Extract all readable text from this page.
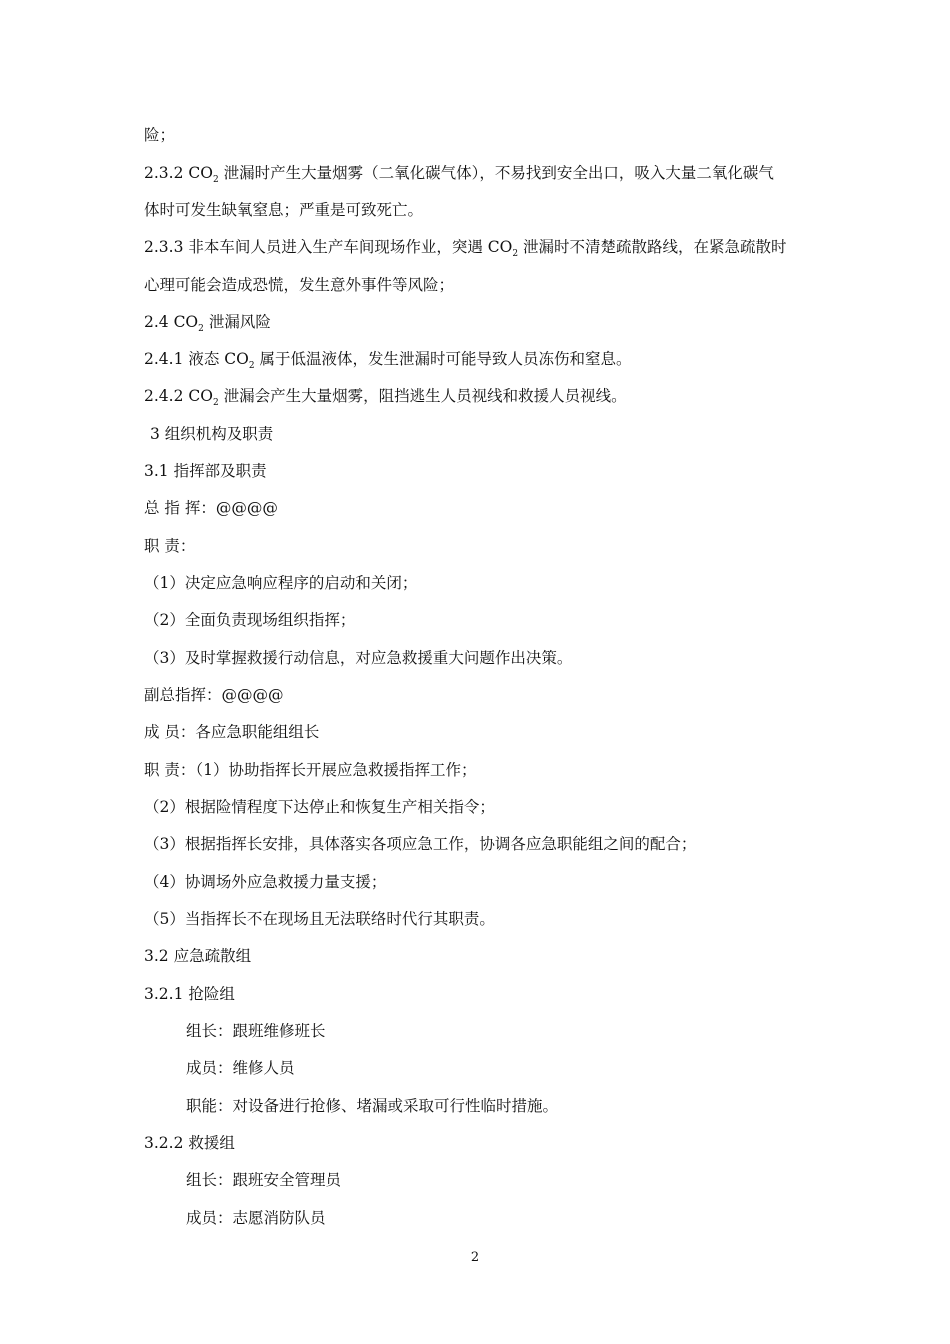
险；
2.3.2 $CO_2$ 泄漏时产生大量烟雾（二氧化碳气体），不易找到安全出口，吸入大量二氧化碳气
体时可发生缺氧窒息；严重是可致死亡。
2.3.3 非本车间人员进入生产车间现场作业，突遇 $CO_2$ 泄漏时不清楚疏散路线，在紧急疏散时
心理可能会造成恐慌，发生意外事件等风险；
2.4 $CO_2$ 泄漏风险
2.4.1 液态 $CO_2$ 属于低温液体，发生泄漏时可能导致人员冻伤和窒息。
2.4.2 $CO_2$ 泄漏会产生大量烟雾，阻挡逃生人员视线和救援人员视线。
3 组织机构及职责
3.1 指挥部及职责
总 指 挥：@@@@
职 责：
（1）决定应急响应程序的启动和关闭；
（2）全面负责现场组织指挥；
（3）及时掌握救援行动信息，对应急救援重大问题作出决策。
副总指挥：@@@@
成 员：各应急职能组组长
职 责：（1）协助指挥长开展应急救援指挥工作；
（2）根据险情程度下达停止和恢复生产相关指令；
（3）根据指挥长安排，具体落实各项应急工作，协调各应急职能组之间的配合；
（4）协调场外应急救援力量支援；
（5）当指挥长不在现场且无法联络时代行其职责。
3.2 应急疏散组
3.2.1 抢险组
组长：跟班维修班长
成员：维修人员
职能：对设备进行抢修、堵漏或采取可行性临时措施。
3.2.2 救援组
组长：跟班安全管理员
成员：志愿消防队员
2
